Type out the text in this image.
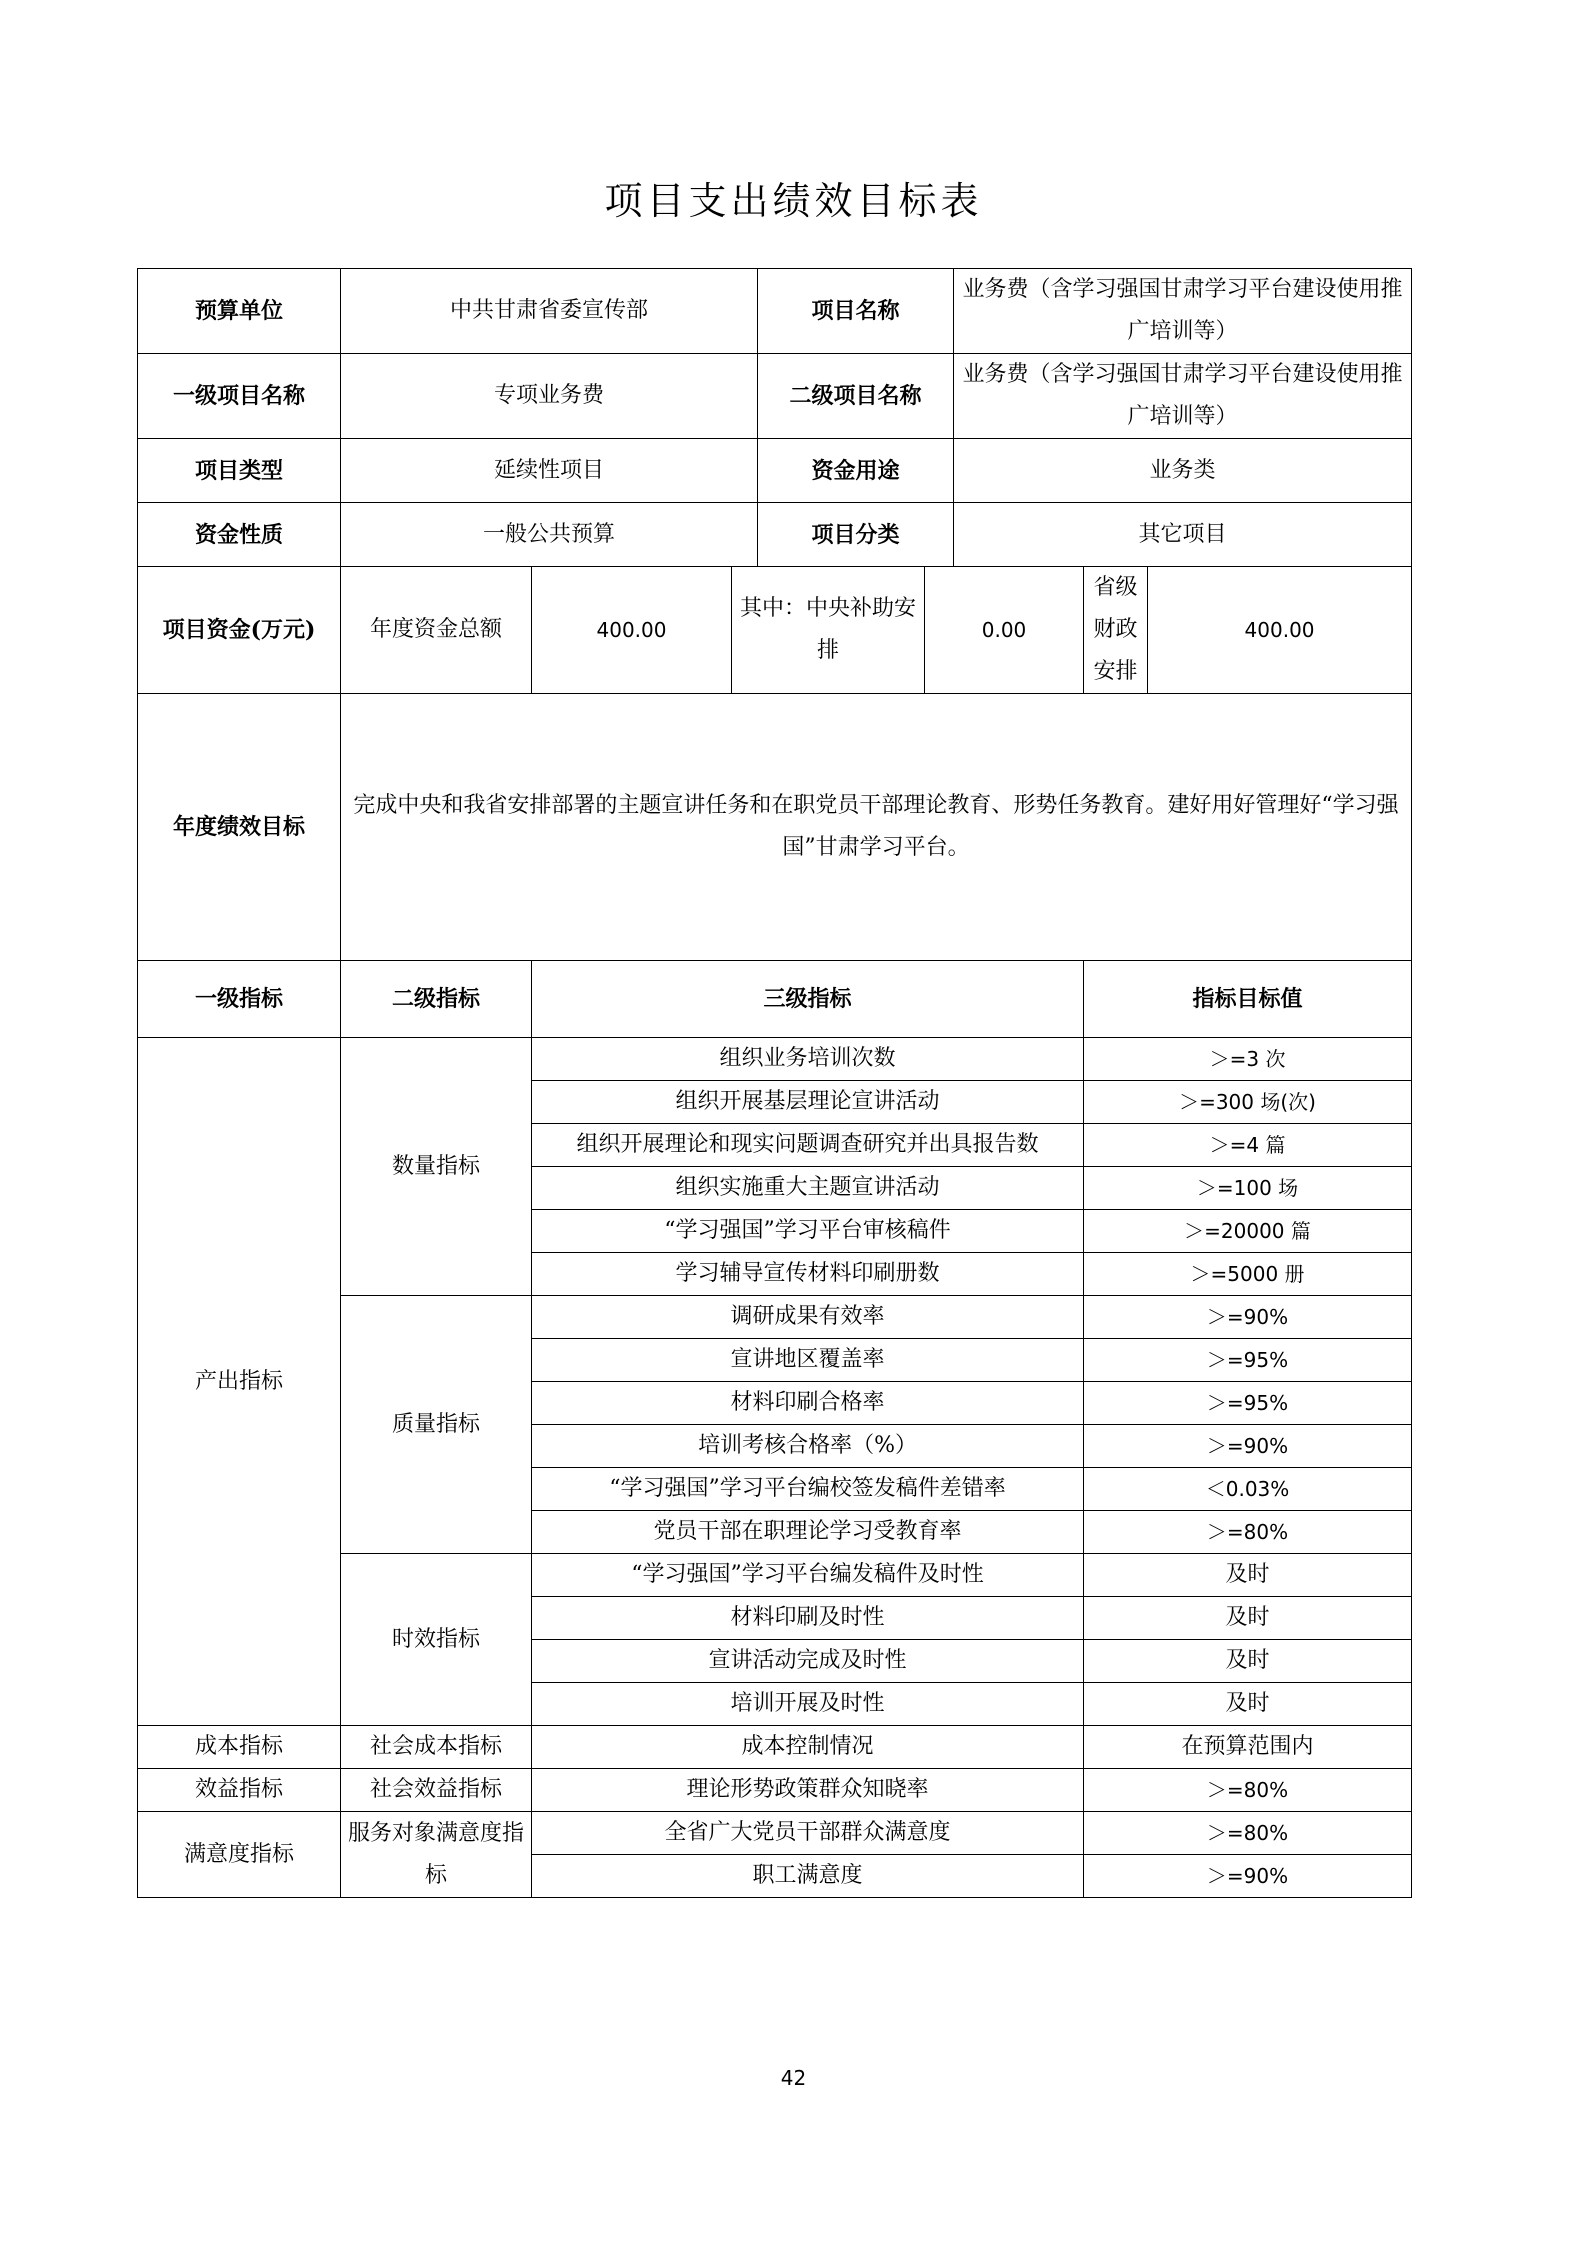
项目支出绩效目标表
预算单位	中共甘肃省委宣传部			项目名称		业务费（含学习强国甘肃学习平台建设使用推广培训等）		
一级项目名称	专项业务费			二级项目名称		业务费（含学习强国甘肃学习平台建设使用推广培训等）		
项目类型	延续性项目			资金用途		业务类		
资金性质	一般公共预算			项目分类		其它项目		
项目资金(万元)	年度资金总额	400.00	其中：中央补助安排		0.00		省级财政安排	400.00
年度绩效目标	完成中央和我省安排部署的主题宣讲任务和在职党员干部理论教育、形势任务教育。建好用好管理好“学习强国”甘肃学习平台。							
一级指标	二级指标	三级指标					指标目标值	
产出指标	数量指标	组织业务培训次数					＞=3 次	
		组织开展基层理论宣讲活动					＞=300 场(次)	
		组织开展理论和现实问题调查研究并出具报告数					＞=4 篇	
		组织实施重大主题宣讲活动					＞=100 场	
		“学习强国”学习平台审核稿件					＞=20000 篇	
		学习辅导宣传材料印刷册数					＞=5000 册	
	质量指标	调研成果有效率					＞=90%	
		宣讲地区覆盖率					＞=95%	
		材料印刷合格率					＞=95%	
		培训考核合格率（%）					＞=90%	
		“学习强国”学习平台编校签发稿件差错率					＜0.03%	
		党员干部在职理论学习受教育率					＞=80%	
	时效指标	“学习强国”学习平台编发稿件及时性					及时	
		材料印刷及时性					及时	
		宣讲活动完成及时性					及时	
		培训开展及时性					及时	
成本指标	社会成本指标	成本控制情况					在预算范围内	
效益指标	社会效益指标	理论形势政策群众知晓率					＞=80%	
满意度指标	服务对象满意度指标	全省广大党员干部群众满意度					＞=80%	
		职工满意度					＞=90%	
42
